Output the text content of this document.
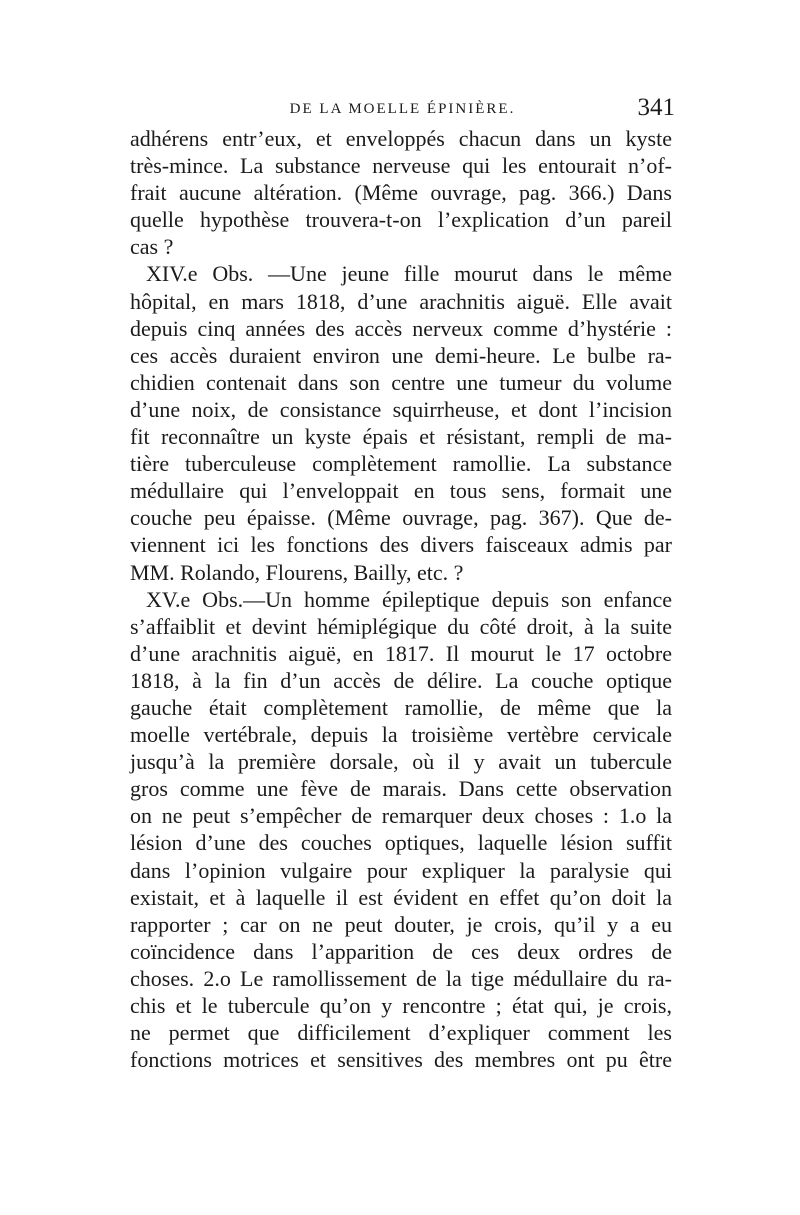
DE LA MOELLE ÉPINIÈRE.	341
adhérens entr’eux, et enveloppés chacun dans un kyste
très-mince. La substance nerveuse qui les entourait n’of-
frait aucune altération. (Même ouvrage, pag. 366.) Dans
quelle hypothèse trouvera-t-on l’explication d’un pareil
cas ?
XIV.e Obs. —Une jeune fille mourut dans le même
hôpital, en mars 1818, d’une arachnitis aiguë. Elle avait
depuis cinq années des accès nerveux comme d’hystérie :
ces accès duraient environ une demi-heure. Le bulbe ra-
chidien contenait dans son centre une tumeur du volume
d’une noix, de consistance squirrheuse, et dont l’incision
fit reconnaître un kyste épais et résistant, rempli de ma-
tière tuberculeuse complètement ramollie. La substance
médullaire qui l’enveloppait en tous sens, formait une
couche peu épaisse. (Même ouvrage, pag. 367). Que de-
viennent ici les fonctions des divers faisceaux admis par
MM. Rolando, Flourens, Bailly, etc. ?
XV.e Obs.—Un homme épileptique depuis son enfance
s’affaiblit et devint hémiplégique du côté droit, à la suite
d’une arachnitis aiguë, en 1817. Il mourut le 17 octobre
1818, à la fin d’un accès de délire. La couche optique
gauche était complètement ramollie, de même que la
moelle vertébrale, depuis la troisième vertèbre cervicale
jusqu’à la première dorsale, où il y avait un tubercule
gros comme une fève de marais. Dans cette observation
on ne peut s’empêcher de remarquer deux choses : 1.o la
lésion d’une des couches optiques, laquelle lésion suffit
dans l’opinion vulgaire pour expliquer la paralysie qui
existait, et à laquelle il est évident en effet qu’on doit la
rapporter ; car on ne peut douter, je crois, qu’il y a eu
coïncidence dans l’apparition de ces deux ordres de
choses. 2.o Le ramollissement de la tige médullaire du ra-
chis et le tubercule qu’on y rencontre ; état qui, je crois,
ne permet que difficilement d’expliquer comment les
fonctions motrices et sensitives des membres ont pu être
